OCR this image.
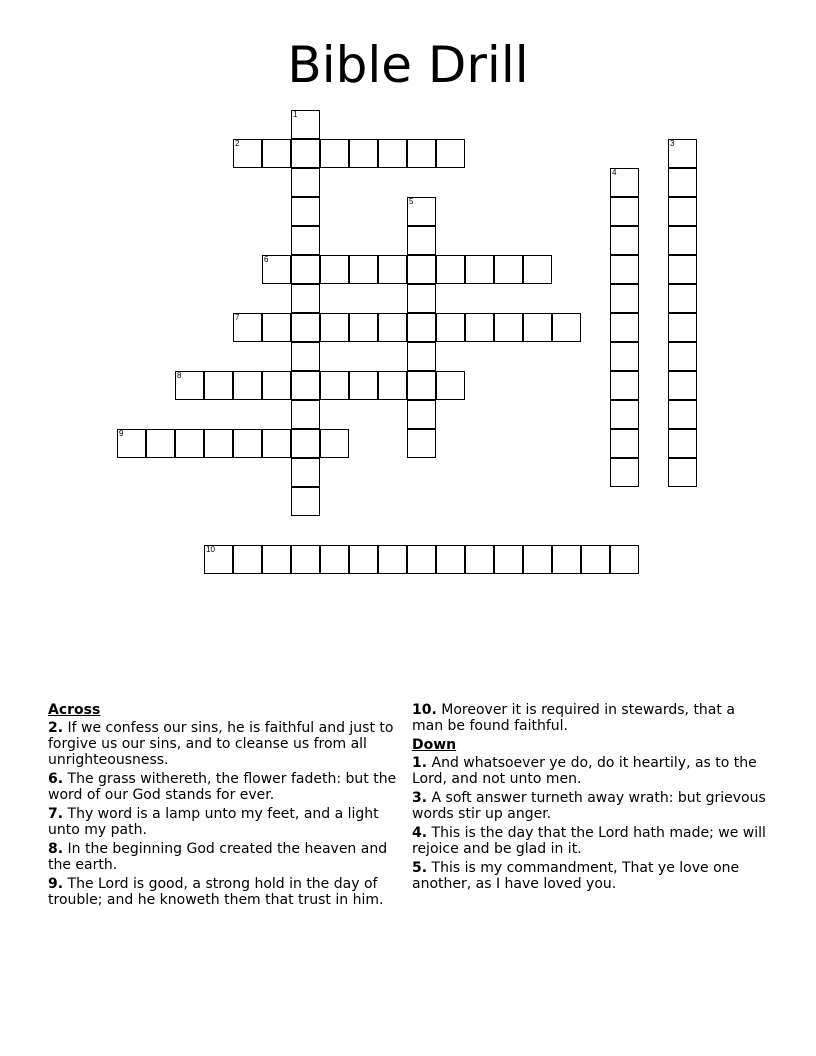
Bible Drill
1
2	3
4
5
6
7
8
9
10
Across
2. If we confess our sins, he is faithful and just to forgive us our sins, and to cleanse us from all unrighteousness.
6. The grass withereth, the flower fadeth: but the word of our God stands for ever.
7. Thy word is a lamp unto my feet, and a light unto my path.
8. In the beginning God created the heaven and the earth.
9. The Lord is good, a strong hold in the day of trouble; and he knoweth them that trust in him.
10. Moreover it is required in stewards, that a man be found faithful.
Down
1. And whatsoever ye do, do it heartily, as to the Lord, and not unto men.
3. A soft answer turneth away wrath: but grievous words stir up anger.
4. This is the day that the Lord hath made; we will rejoice and be glad in it.
5. This is my commandment, That ye love one another, as I have loved you.
